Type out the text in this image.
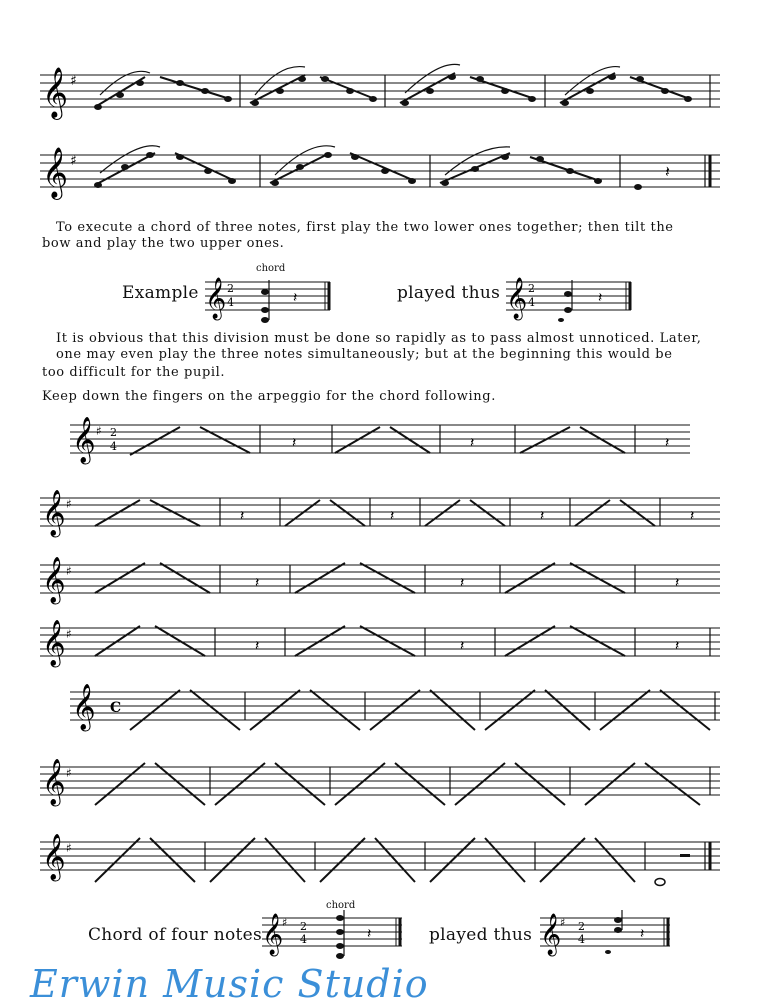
𝄞 ♯
𝄞 ♯
𝄽
To execute a chord of three notes, first play the two lower ones together; then tilt the
bow and play the two upper ones.
Example
chord
𝄞 2
4	𝄽	played thus 𝄞 2
4	𝄽
It is obvious that this division must be done so rapidly as to pass almost unnoticed. Later, one may even play the three notes simultaneously; but at the beginning this would be
too difficult for the pupil.
Keep down the fingers on the arpeggio for the chord following.
𝄞 ♯ 2
4	𝄽	𝄽	𝄽
𝄞 ♯
𝄽	𝄽	𝄽	𝄽
𝄞 ♯
𝄽	𝄽	𝄽
𝄞 ♯
𝄽	𝄽	𝄽
𝄞 C
𝄞 ♯
𝄞 ♯
Chord of four notes
chord
𝄞
♯ 2
4	𝄽	played thus 𝄞
♯ 2
4	𝄽
Erwin Music Studio
